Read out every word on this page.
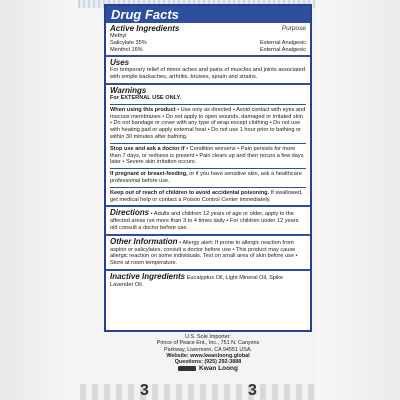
Drug Facts
Active Ingredients	Purpose
Methyl
Salicylate 35%	External Analgesic
Menthol 16%	External Analgesic
Uses
For temporary relief of minor aches and pains of muscles and joints associated with simple backaches, arthritis, bruises, sprain and strains.
Warnings
For EXTERNAL USE ONLY.
When using this product • Use only as directed • Avoid contact with eyes and mucous membranes • Do not apply to open wounds, damaged or irritated skin • Do not bandage or cover with any type of wrap except clothing • Do not use with heating pad or apply external heat • Do not use 1 hour prior to bathing or within 30 minutes after bathing.
Stop use and ask a doctor if • Condition worsens • Pain persists for more than 7 days, or redness is present • Pain clears up and then recurs a few days later • Severe skin irritation occurs.
If pregnant or breast-feeding, or if you have sensitive skin, ask a healthcare professional before use.
Keep out of reach of children to avoid accidental poisoning. If swallowed, get medical help or contact a Poison Control Center immediately.
Directions • Adults and children 12 years of age or older, apply to the affected areas not more than 3 to 4 times daily • For children under 12 years old consult a doctor before use.
Other Information • Allergy alert: If prone to allergic reaction from aspirin or salicylates, consult a doctor before use • This product may cause allergic reaction on some individuals. Test on small area of skin before use • Store at room temperature.
Inactive Ingredients Eucalyptus Oil, Light Mineral Oil, Spike Lavender Oil.
U.S. Sole Importer:
Prince of Peace Ent., Inc., 751 N. Canyons
Parkway, Livermore, CA 94551 USA.
Website: www.kwanloong.global
Questions: (925) 292-3888
Kwan Loong
3	3
